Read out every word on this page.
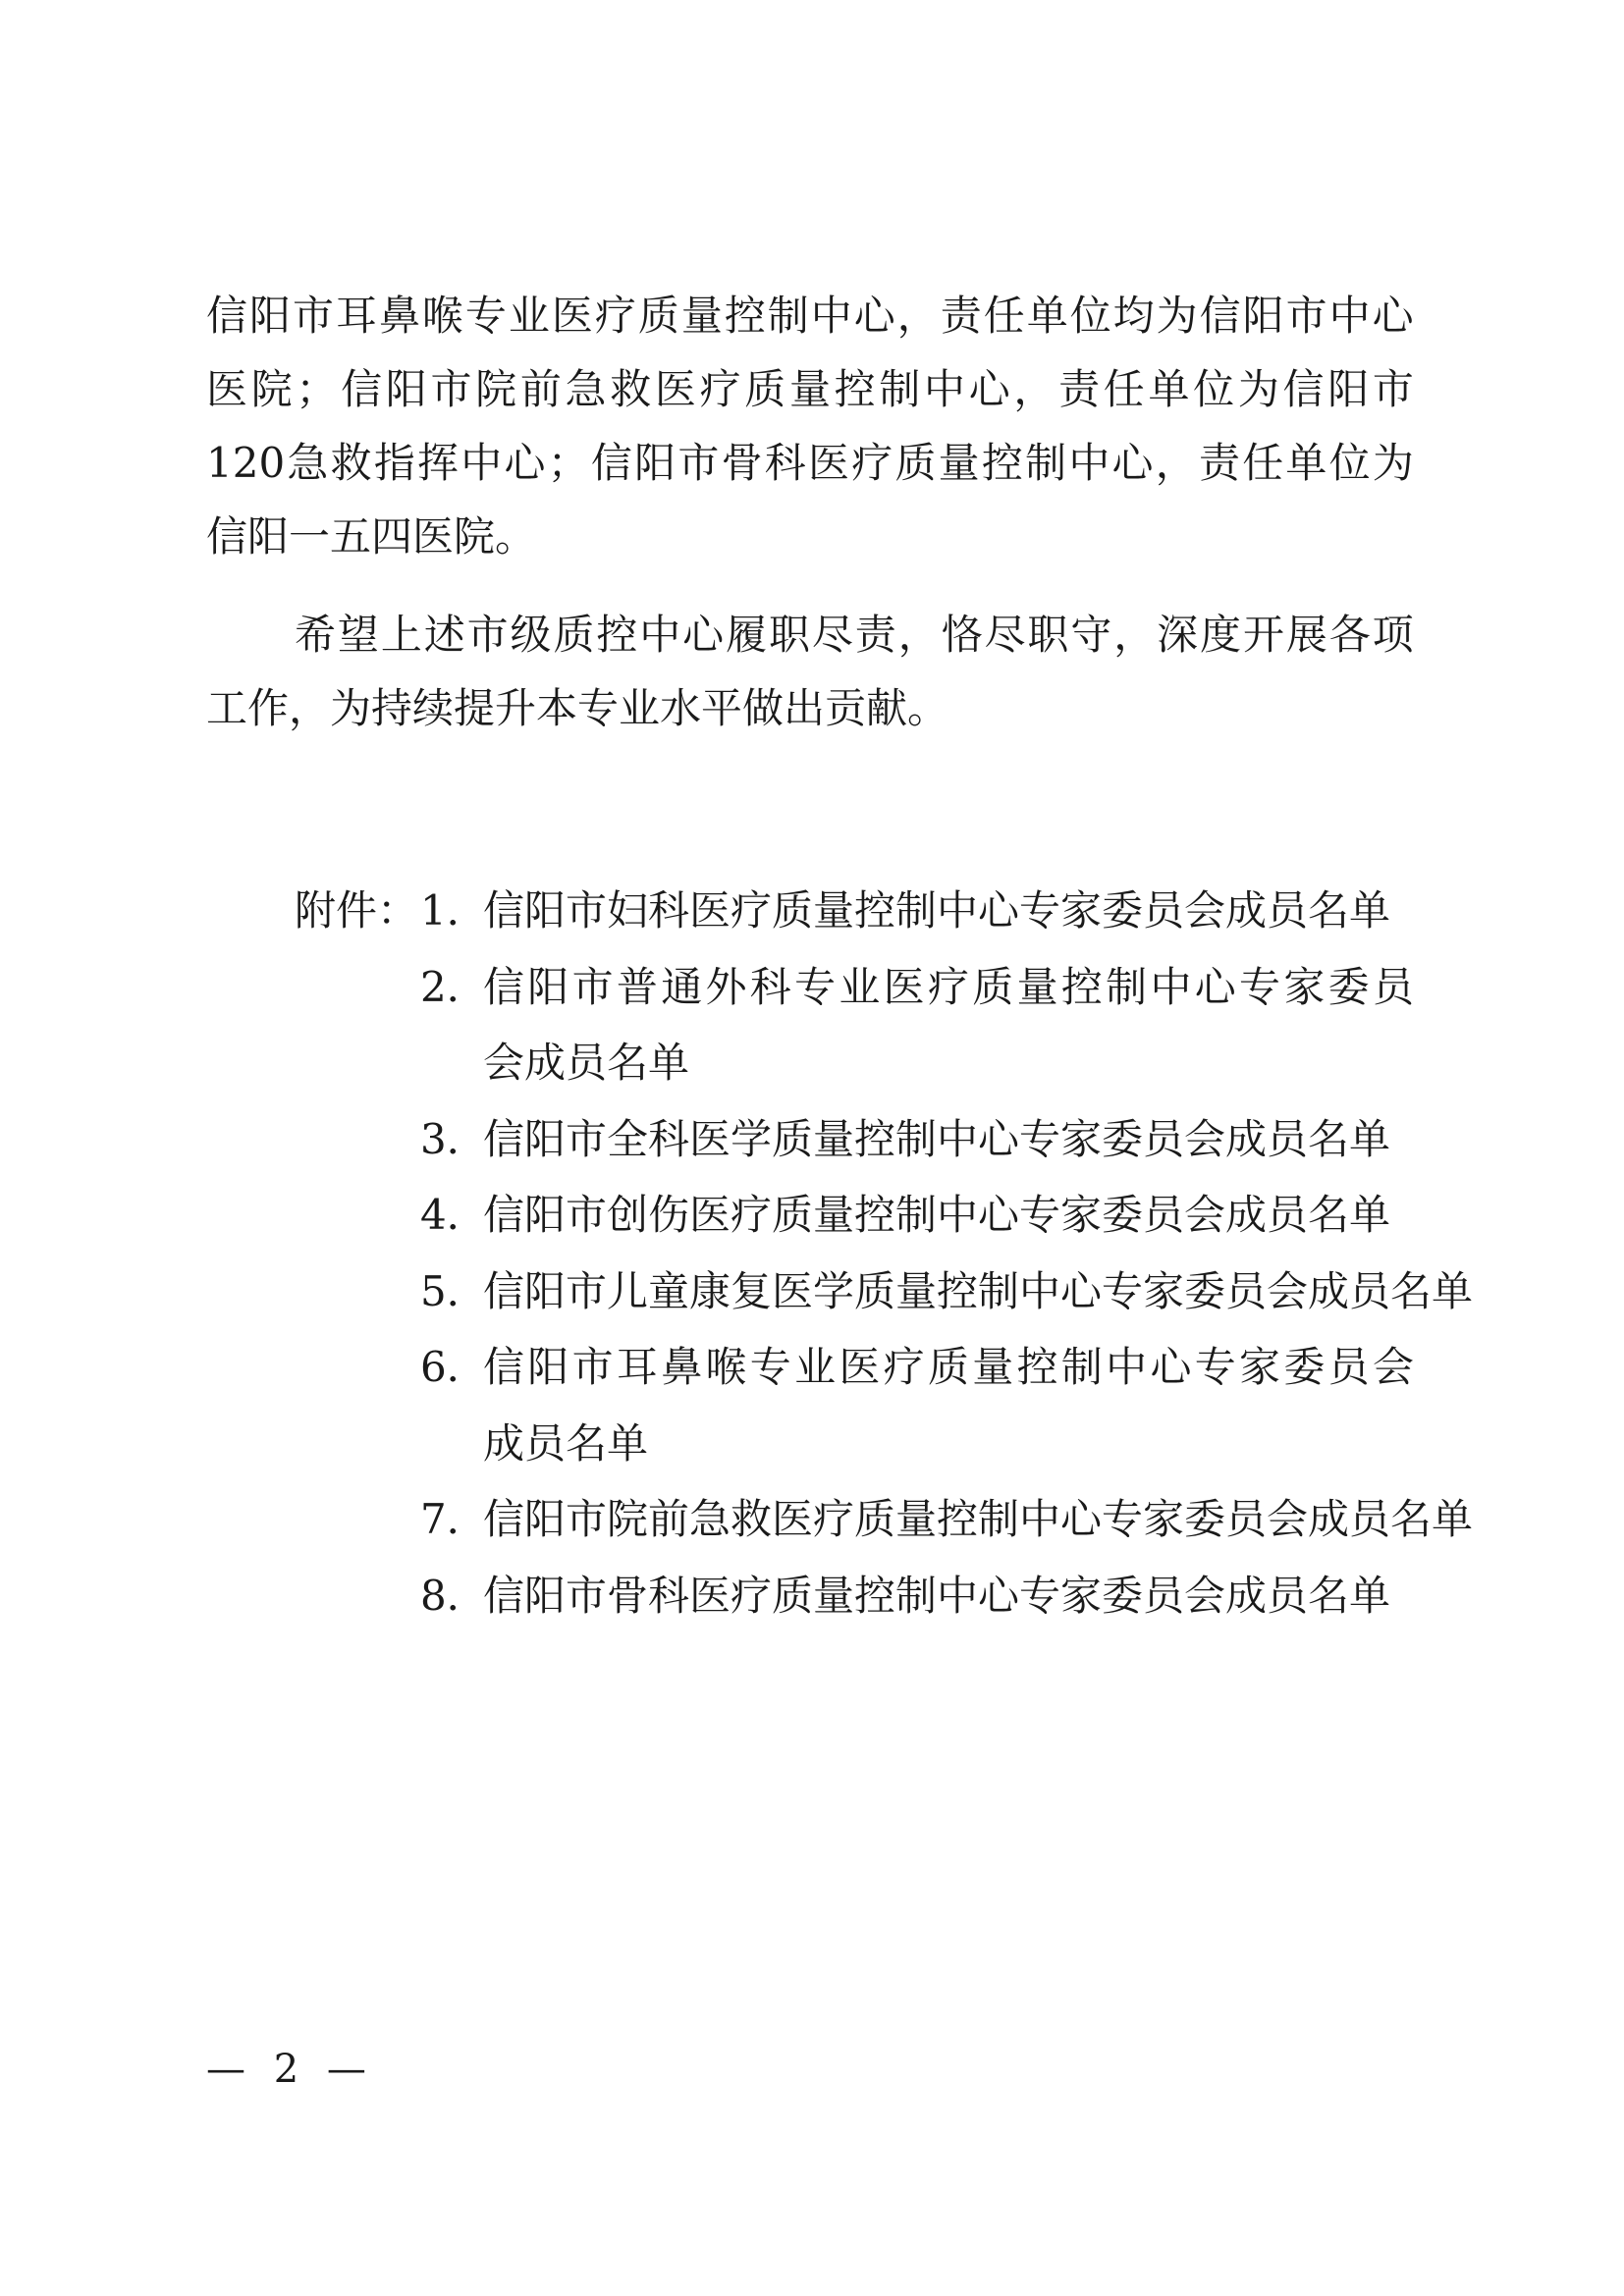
信 阳 市 耳 鼻 喉 专 业 医 疗 质 量 控 制 中 心 ， 责 任 单 位 均 为 信 阳 市 中 心
医 院 ； 信 阳 市 院 前 急 救 医 疗 质 量 控 制 中 心 ， 责 任 单 位 为 信 阳 市
120 急 救 指 挥 中 心 ； 信 阳 市 骨 科 医 疗 质 量 控 制 中 心 ， 责 任 单 位 为
信阳一五四医院。
希 望 上 述 市 级 质 控 中 心 履 职 尽 责 ， 恪 尽 职 守 ， 深 度 开 展 各 项
工作，为持续提升本专业水平做出贡献。
附件： 1．
信阳市妇科医疗质量控制中心专家委员会成员名单
2．
信 阳 市 普 通 外 科 专 业 医 疗 质 量 控 制 中 心 专 家 委 员
会成员名单
3．
信阳市全科医学质量控制中心专家委员会成员名单
4．
信阳市创伤医疗质量控制中心专家委员会成员名单
5．
信阳市儿童康复医学质量控制中心专家委员会成员名单
6．
信 阳 市 耳 鼻 喉 专 业 医 疗 质 量 控 制 中 心 专 家 委 员 会
成员名单
7．
信阳市院前急救医疗质量控制中心专家委员会成员名单
8．
信阳市骨科医疗质量控制中心专家委员会成员名单
— 2 —
